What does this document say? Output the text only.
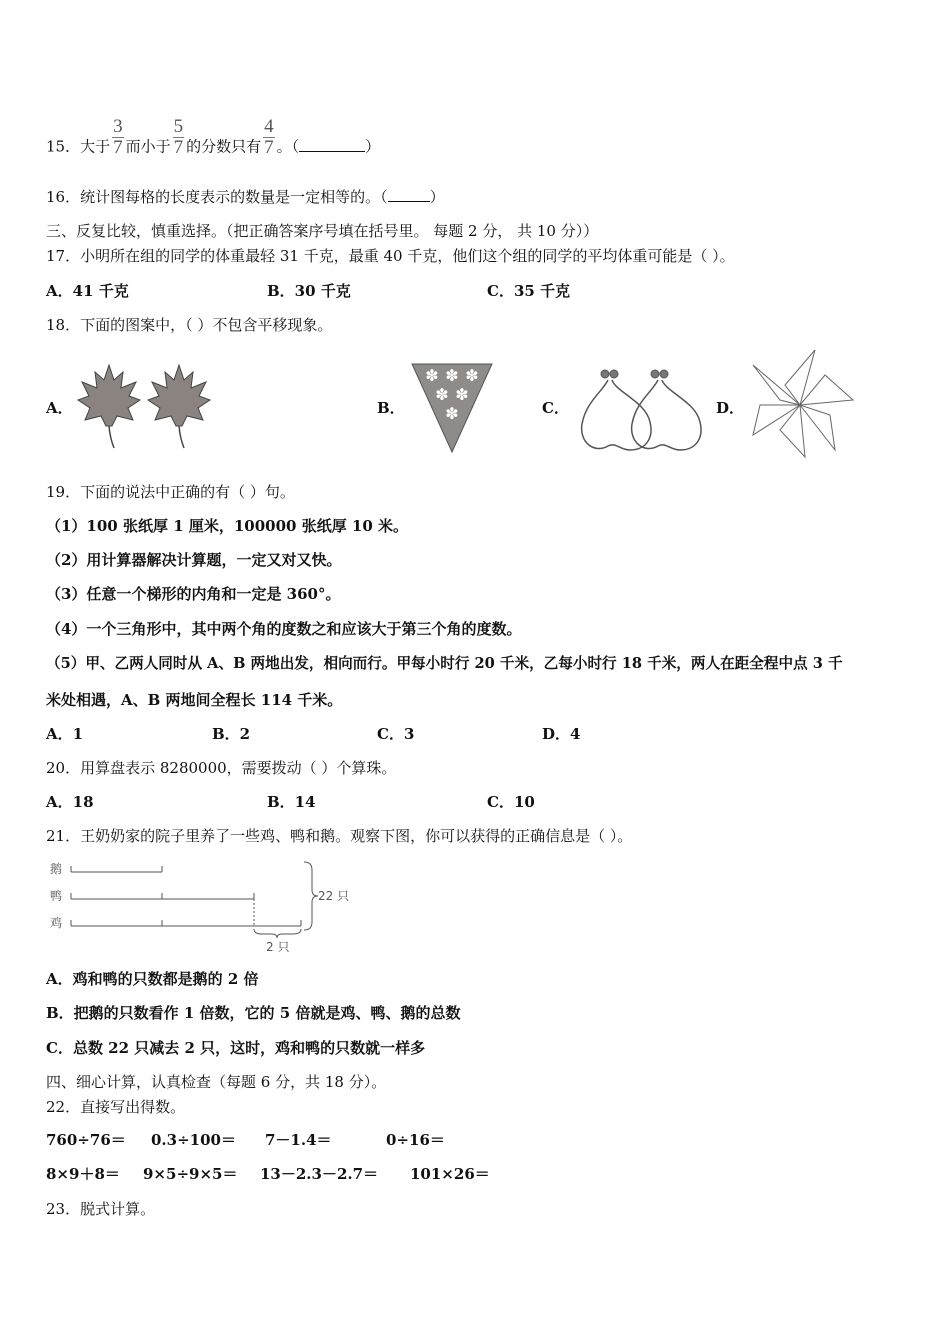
15．大于 $\frac{3}{7}$ 而小于 $\frac{5}{7}$ 的分数只有 $\frac{4}{7}$ 。（	）
16．统计图每格的长度表示的数量是一定相等的。（	）
三、反复比较，慎重选择。（把正确答案序号填在括号里。 每题 2 分， 共 10 分））
17．小明所在组的同学的体重最轻 31 千克，最重 40 千克，他们这个组的同学的平均体重可能是（ ）。
A．41 千克	B．30 千克	C．35 千克
18．下面的图案中，（ ）不包含平移现象。
A．	B．	C．	D．
✽ ✽ ✽
✽ ✽
✽
19．下面的说法中正确的有（ ）句。
（1）100 张纸厚 1 厘米，100000 张纸厚 10 米。
（2）用计算器解决计算题，一定又对又快。
（3）任意一个梯形的内角和一定是 360°。
（4）一个三角形中，其中两个角的度数之和应该大于第三个角的度数。
（5）甲、乙两人同时从 A、B 两地出发，相向而行。甲每小时行 20 千米，乙每小时行 18 千米，两人在距全程中点 3 千
米处相遇，A、B 两地间全程长 114 千米。
A．1	B．2	C．3	D．4
20．用算盘表示 8280000，需要拨动（ ）个算珠。
A．18	B．14	C．10
21．王奶奶家的院子里养了一些鸡、鸭和鹅。观察下图，你可以获得的正确信息是（ ）。
鹅
鸭
鸡
22 只
2 只
A．鸡和鸭的只数都是鹅的 2 倍
B．把鹅的只数看作 1 倍数，它的 5 倍就是鸡、鸭、鹅的总数
C．总数 22 只减去 2 只，这时，鸡和鸭的只数就一样多
四、细心计算，认真检查（每题 6 分，共 18 分）。
22．直接写出得数。
760÷76＝ 0.3÷100＝ 7－1.4＝	0÷16＝
8×9＋8＝ 9×5÷9×5＝ 13－2.3－2.7＝ 101×26＝
23．脱式计算。
